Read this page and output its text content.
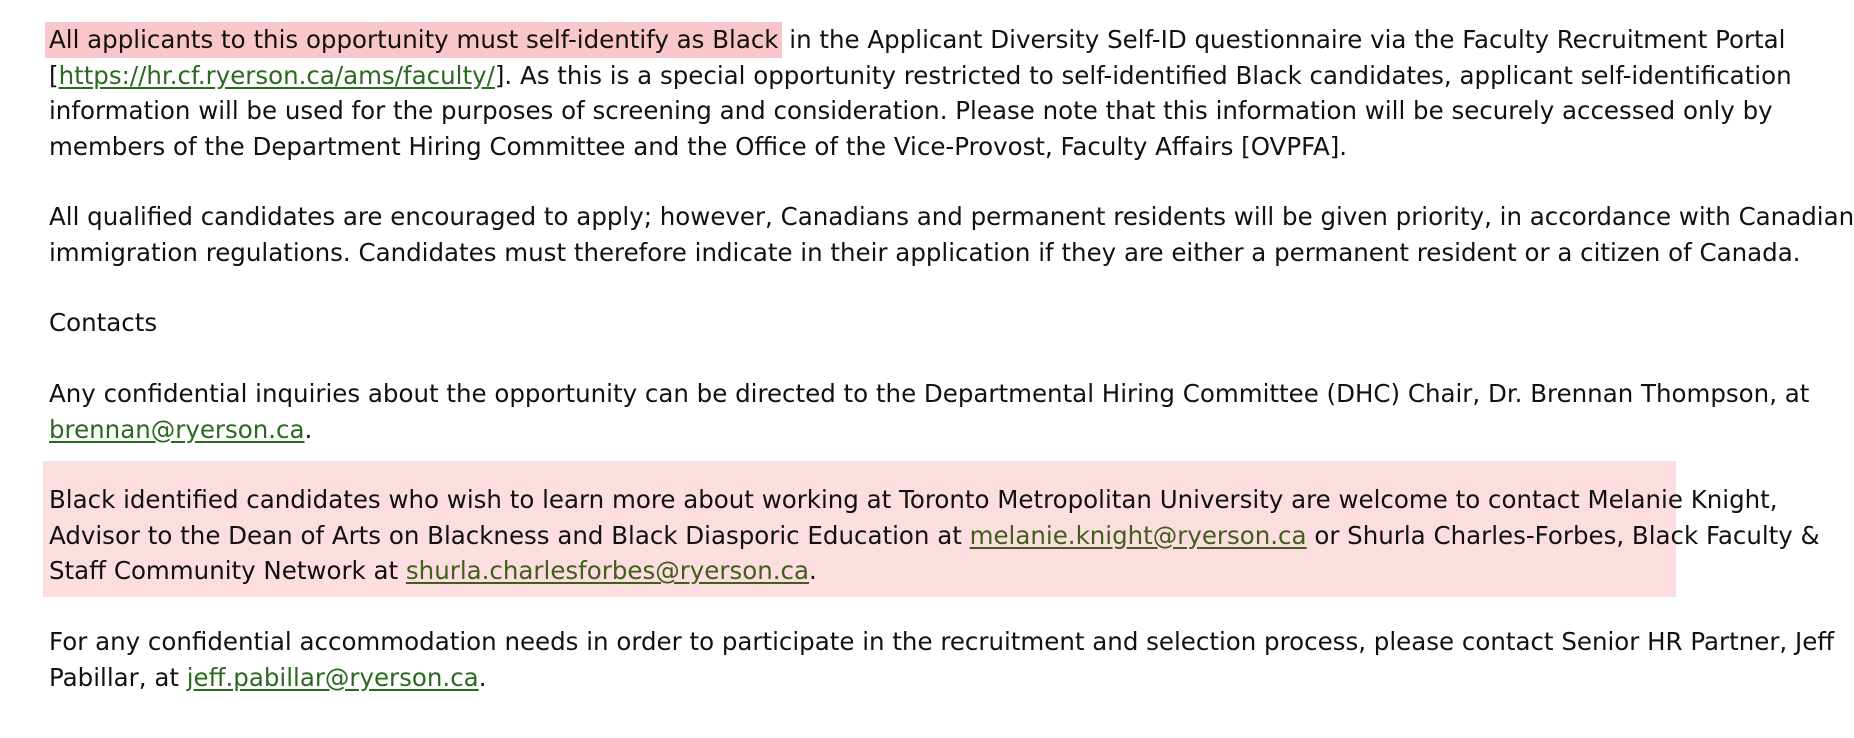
All applicants to this opportunity must self-identify as Black in the Applicant Diversity Self-ID questionnaire via the Faculty Recruitment Portal
[https://hr.cf.ryerson.ca/ams/faculty/]. As this is a special opportunity restricted to self-identified Black candidates, applicant self-identification
information will be used for the purposes of screening and consideration. Please note that this information will be securely accessed only by
members of the Department Hiring Committee and the Office of the Vice-Provost, Faculty Affairs [OVPFA].

All qualified candidates are encouraged to apply; however, Canadians and permanent residents will be given priority, in accordance with Canadian
immigration regulations. Candidates must therefore indicate in their application if they are either a permanent resident or a citizen of Canada.

Contacts

Any confidential inquiries about the opportunity can be directed to the Departmental Hiring Committee (DHC) Chair, Dr. Brennan Thompson, at
brennan@ryerson.ca.

Black identified candidates who wish to learn more about working at Toronto Metropolitan University are welcome to contact Melanie Knight,
Advisor to the Dean of Arts on Blackness and Black Diasporic Education at melanie.knight@ryerson.ca or Shurla Charles-Forbes, Black Faculty &
Staff Community Network at shurla.charlesforbes@ryerson.ca.

For any confidential accommodation needs in order to participate in the recruitment and selection process, please contact Senior HR Partner, Jeff
Pabillar, at jeff.pabillar@ryerson.ca.
